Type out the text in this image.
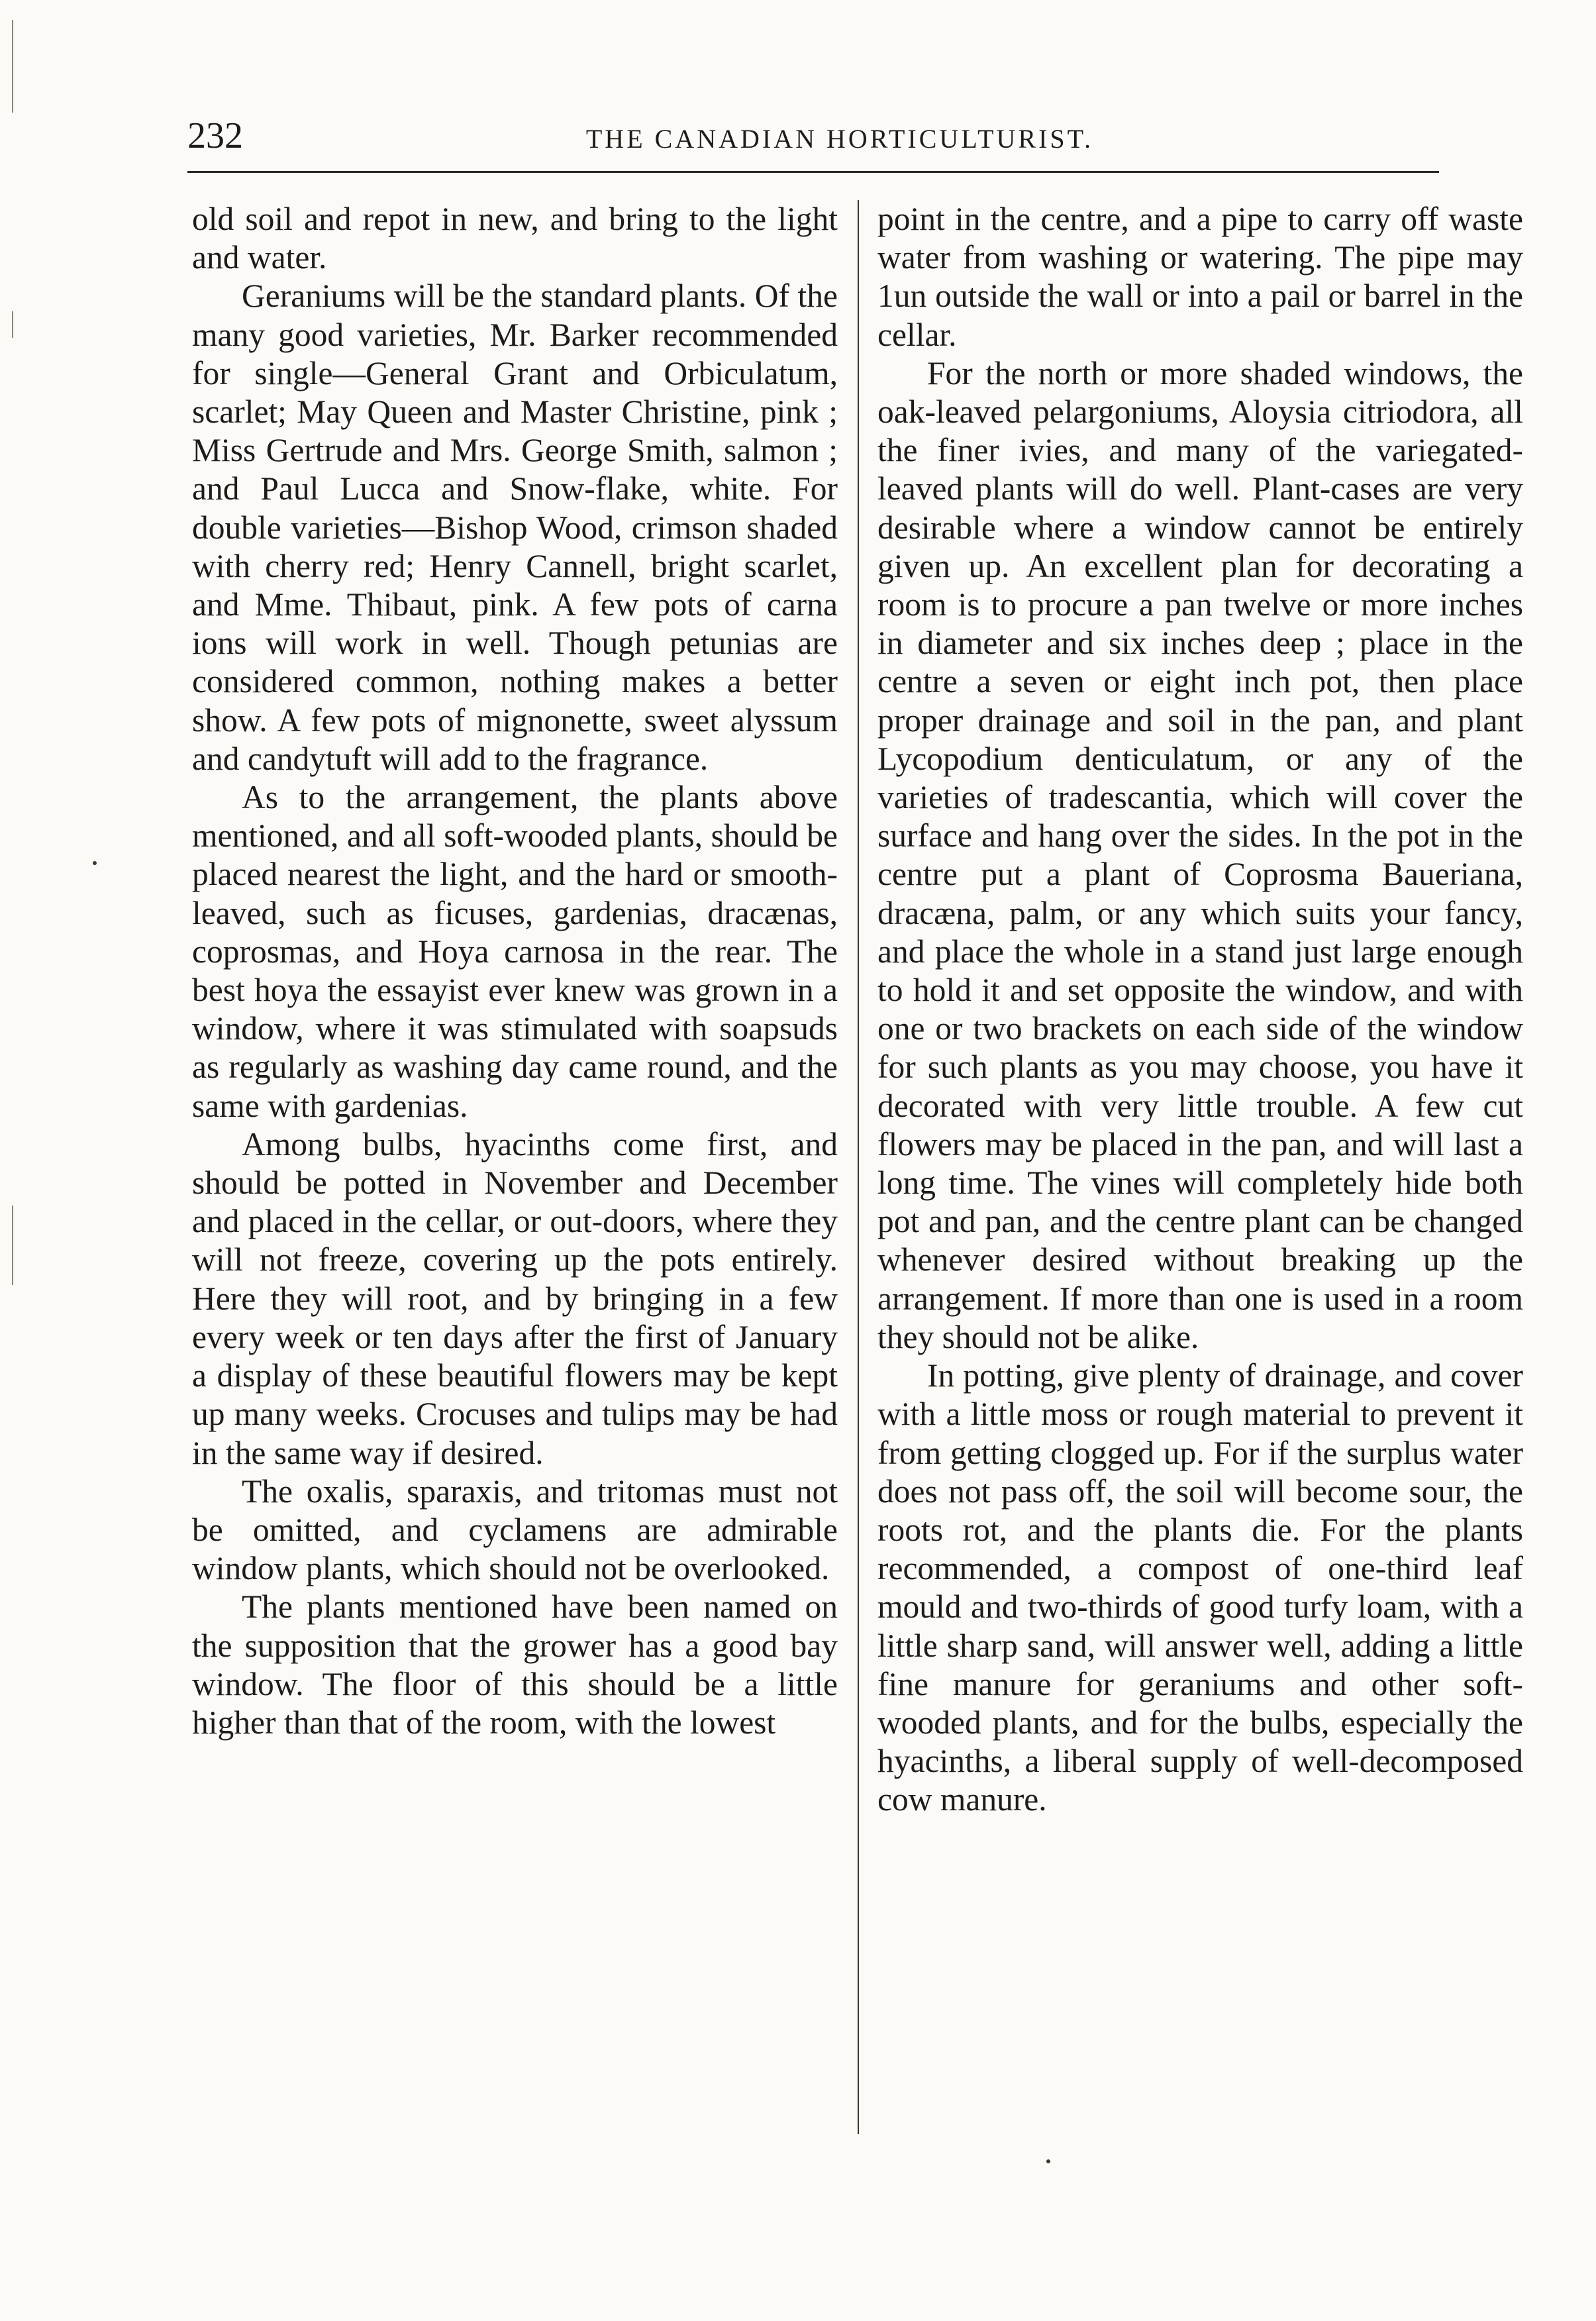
232	THE CANADIAN HORTICULTURIST.

old soil and repot in new, and bring to the light and water.

Geraniums will be the standard plants. Of the many good varieties, Mr. Barker recommended for single—General Grant and Orbiculatum, scarlet; May Queen and Master Christine, pink ; Miss Gertrude and Mrs. George Smith, salmon ; and Paul Lucca and Snow-flake, white. For double varieties—Bishop Wood, crimson shaded with cherry red; Henry Cannell, bright scarlet, and Mme. Thibaut, pink. A few pots of carna ions will work in well. Though petunias are considered common, nothing makes a better show. A few pots of mignonette, sweet alyssum and candytuft will add to the fragrance.

As to the arrangement, the plants above mentioned, and all soft-wooded plants, should be placed nearest the light, and the hard or smooth-leaved, such as ficuses, gardenias, dracænas, coprosmas, and Hoya carnosa in the rear. The best hoya the essayist ever knew was grown in a window, where it was stimulated with soapsuds as regularly as washing day came round, and the same with gardenias.

Among bulbs, hyacinths come first, and should be potted in November and December and placed in the cellar, or out-doors, where they will not freeze, covering up the pots entirely. Here they will root, and by bringing in a few every week or ten days after the first of January a display of these beautiful flowers may be kept up many weeks. Crocuses and tulips may be had in the same way if desired.

The oxalis, sparaxis, and tritomas must not be omitted, and cyclamens are admirable window plants, which should not be overlooked.

The plants mentioned have been named on the supposition that the grower has a good bay window. The floor of this should be a little higher than that of the room, with the lowest

point in the centre, and a pipe to carry off waste water from washing or watering. The pipe may 1un outside the wall or into a pail or barrel in the cellar.

For the north or more shaded windows, the oak-leaved pelargoniums, Aloysia citriodora, all the finer ivies, and many of the variegated-leaved plants will do well. Plant-cases are very desirable where a window cannot be entirely given up. An excellent plan for decorating a room is to procure a pan twelve or more inches in diameter and six inches deep ; place in the centre a seven or eight inch pot, then place proper drainage and soil in the pan, and plant Lycopodium denticulatum, or any of the varieties of tradescantia, which will cover the surface and hang over the sides. In the pot in the centre put a plant of Coprosma Baueriana, dracæna, palm, or any which suits your fancy, and place the whole in a stand just large enough to hold it and set opposite the window, and with one or two brackets on each side of the window for such plants as you may choose, you have it decorated with very little trouble. A few cut flowers may be placed in the pan, and will last a long time. The vines will completely hide both pot and pan, and the centre plant can be changed whenever desired without breaking up the arrangement. If more than one is used in a room they should not be alike.

In potting, give plenty of drainage, and cover with a little moss or rough material to prevent it from getting clogged up. For if the surplus water does not pass off, the soil will become sour, the roots rot, and the plants die. For the plants recommended, a compost of one-third leaf mould and two-thirds of good turfy loam, with a little sharp sand, will answer well, adding a little fine manure for geraniums and other soft-wooded plants, and for the bulbs, especially the hyacinths, a liberal supply of well-decomposed cow manure.
